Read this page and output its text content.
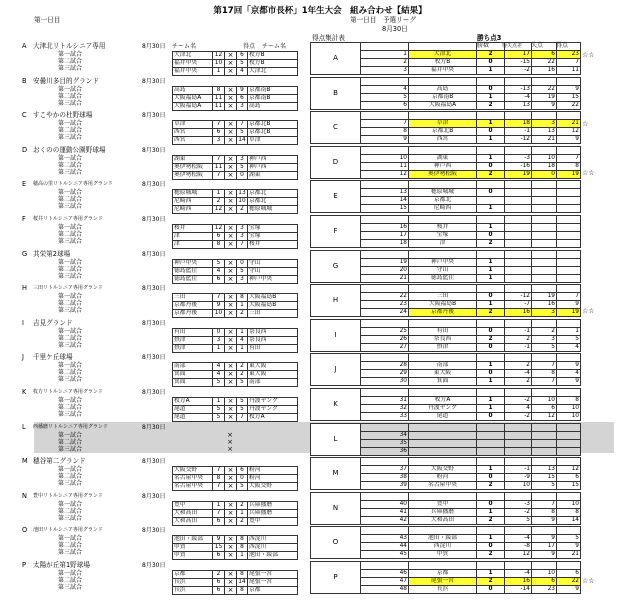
第17回「京都市長杯」1年生大会　組み合わせ【結果】
第一日目	第一日目　予選リーグ
8月30日
得点集計表	勝ち点3
勝数	得失点差 失点 得点
A 大津北リトルシニア専用	8月30日 チーム名	得点 チーム名
第一試合
第二試合
第三試合
大津北	12	×	6	枚方B
福井中央	10	×	5	枚方B
福井中央	1	×	4	大津北
A						
	1	大津北	2	17	6	23
	2	枚方B	0	-15	22	7
	3	福井中央	1	-2	16	11
☆☆
B 安曇川多目的グランド	8月30日
第一試合
第二試合
第三試合
高島	8	×	9	京都南B
大阪福島A	11	×	6	京都南B
大阪福島A	11	×	3	高島
B						
	4	高島	0	-13	22	9
	5	京都南B	1	-4	19	15
	6	大阪福島A	2	13	9	22
C すこやかの杜野球場	8月30日
第一試合
第二試合
第三試合
草津	7	×	7	京都北B
西宮	6	×	5	京都北B
西宮	3	×	14	草津
C						
	7	草津	1	18	3	21
	8	京都北B	0	-1	13	12
	9	西宮	1	-12	21	9
☆
D おくのの運動公園野球場	8月30日
第一試合
第二試合
第三試合
湖東	7	×	3	神戸西
奥伊勢松阪	11	×	5	神戸西
奥伊勢松阪	7	×	0	湖東
D						
	10	湖東	1	-3	10	7
	11	神戸西	0	-16	18	8
	12	奥伊勢松阪	2	19	0	19 ☆☆
E 穂高の里リトルシニア専用グランド	8月30日
第一試合
第二試合
第三試合
穂原城城	1	×	13	京都北
尼崎西	2	×	10	京都北
尼崎西	12	×	2	穂原城城
E						
	13	穂原城城	0			
	14	京都北				
	15	尼崎西	1			
F 桜井リトルシニア専用グランド	8月30日
第一試合
第二試合
第三試合
桜井	12	×	3	宝塚
津	6	×	3	宝塚
津	8	×	7	桜井
F						
	16	桜井	1			
	17	宝塚	0			
	18	津	2			
G 共栄第2球場	8月30日
第一試合
第二試合
第三試合
神戸中央	5	×	0	守山
徳島藍住	4	×	5	守山
徳島藍住	6	×	3	神戸中央
G						
	19	神戸中央	1			
	20	守山	1			
	21	徳島藍住	1			
H 三田リトルシニア専用グランド	8月30日
第一試合
第二試合
第三試合
三田	7	×	8	大阪福島B
京都丹後	9	×	1	大阪福島B
京都丹後	10	×	2	三田
H						
	22	三田	0	-12	19	7
	23	大阪福島B	1	-7	16	9
	24	京都丹後	2	16	3	19 ☆☆
I 吉見グランド	8月30日
第一試合
第二試合
第三試合
有田	0	×	1	奈良西
摂津	3	×	4	奈良西
摂津	1	×	1	有田
I						
	25	有田	0	-1	2	1
	26	奈良西	2	2	3	5
	27	摂津	0	-1	5	4
J 千里ケ丘球場	8月30日
第一試合
第二試合
第三試合
南部	4	×	2	東大阪
箕面	4	×	2	東大阪
箕面	5	×	5	南部
J						
	28	南部	1	2	7	9
	29	東大阪	0	-4	8	4
	30	箕面	1	2	7	9
K 枚方リトルシニア専用グランド	8月30日
第一試合
第二試合
第三試合
枚方A	1	×	5	丹波ヤング
尾道	5	×	5	丹波ヤング
尾道	5	×	7	枚方A
K						
	31	枚方A	1	-2	10	8
	32	丹波ヤング	1	4	6	10
	33	尾道	0	-2	12	10
L 西播磨リトルシニア専用グランド	8月30日
第一試合
第二試合
第三試合
		×		
		×		
		×		
L						
	34					
	35					
	36					
M 穂谷第二グランド	8月30日
第一試合
第二試合
第三試合
大阪交野	7	×	6	粉河
名古屋中央	8	×	0	粉河
名古屋中央	7	×	5	大阪交野
M						
	37	大阪交野	1	-1	13	12
	38	粉河	0	-9	15	6
	39	名古屋中央	2	10	5	15
N 豊中リトルシニア専用グランド	8月30日
第一試合
第二試合
第三試合
豊中	1	×	2	兵庫播磨
大和高田	7	×	1	兵庫播磨
大和高田	6	×	2	豊中
N						
	40	豊中	0	-3	7	10
	41	兵庫播磨	1	-2	8	8
	42	大和高田	2	5	9	14
O 池田リトルシニア専用グランド	8月30日
第一試合
第二試合
第三試合
池田・綾部	9	×	8	西淀川
甲賀	15	×	8	西淀川
甲賀	6	×	1	池田・綾部
O						
	43	池田・綾部	1	-4	9	5
	44	西淀川	0	-8	17	9
	45	甲賀	2	12	9	21
P 太陽が丘第1野球場	8月30日
第一試合
第二試合
第三試合
京都	2	×	8	尾張一宮
長浜	6	×	14	尾張一宮
長浜	6	×	8	京都
P						
	46	京都	1	-4	10	6
	47	尾張一宮	2	16	6	22
	48	長浜	0	-14	23	9
☆☆
